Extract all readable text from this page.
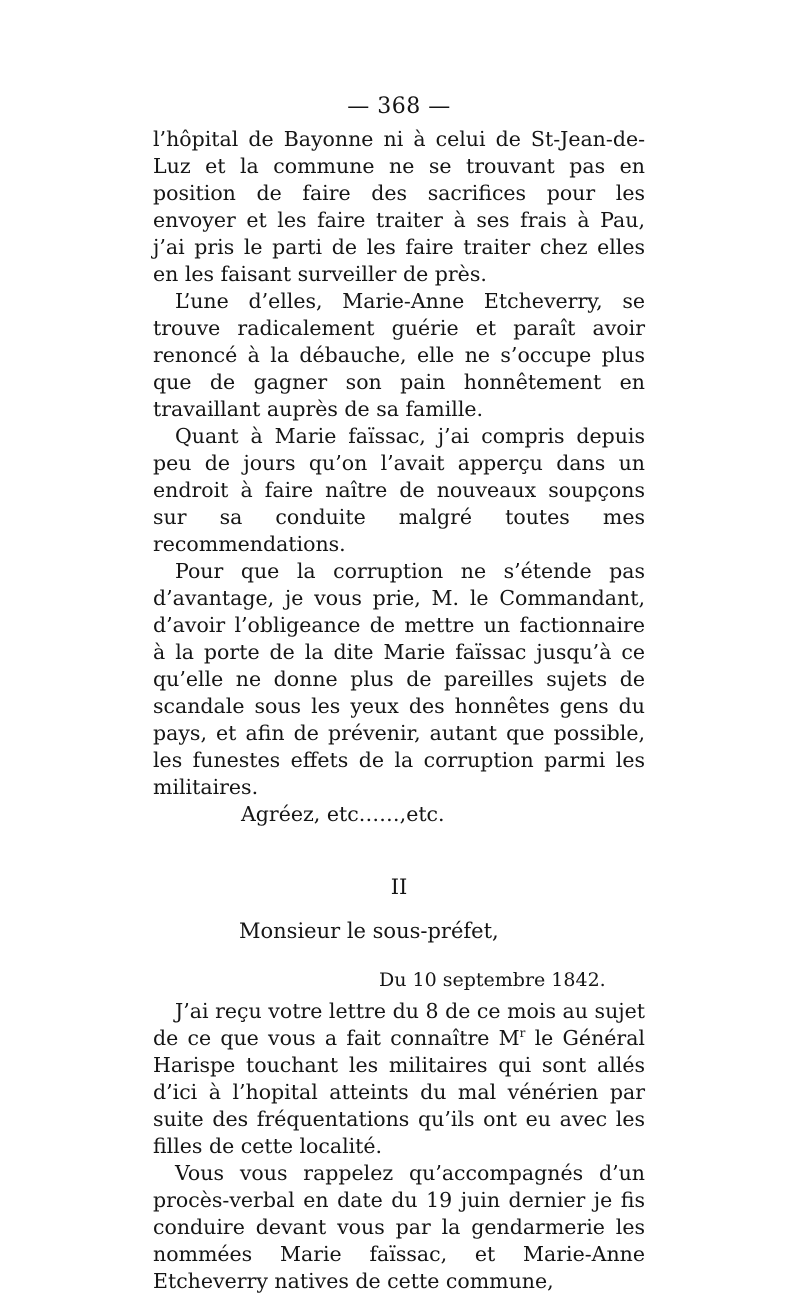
— 368 —

l’hôpital de Bayonne ni à celui de St-Jean-de-Luz et la commune ne se trouvant pas en position de faire des sacrifices pour les envoyer et les faire traiter à ses frais à Pau, j’ai pris le parti de les faire traiter chez elles en les faisant surveiller de près.

L’une d’elles, Marie-Anne Etcheverry, se trouve radicalement guérie et paraît avoir renoncé à la débauche, elle ne s’occupe plus que de gagner son pain honnêtement en travaillant auprès de sa famille.

Quant à Marie faïssac, j’ai compris depuis peu de jours qu’on l’avait apperçu dans un endroit à faire naître de nouveaux soupçons sur sa conduite malgré toutes mes recommendations.

Pour que la corruption ne s’étende pas d’avantage, je vous prie, M. le Commandant, d’avoir l’obligeance de mettre un factionnaire à la porte de la dite Marie faïssac jusqu’à ce qu’elle ne donne plus de pareilles sujets de scandale sous les yeux des honnêtes gens du pays, et afin de prévenir, autant que possible, les funestes effets de la corruption parmi les militaires.

Agréez, etc……,etc.
II
Monsieur le sous-préfet,
Du 10 septembre 1842.

J’ai reçu votre lettre du 8 de ce mois au sujet de ce que vous a fait connaître $M^r$ le Général Harispe touchant les militaires qui sont allés d’ici à l’hopital atteints du mal vénérien par suite des fréquentations qu’ils ont eu avec les filles de cette localité.

Vous vous rappelez qu’accompagnés d’un procès-verbal en date du 19 juin dernier je fis conduire devant vous par la gendarmerie les nommées Marie faïssac, et Marie-Anne Etcheverry natives de cette commune,
